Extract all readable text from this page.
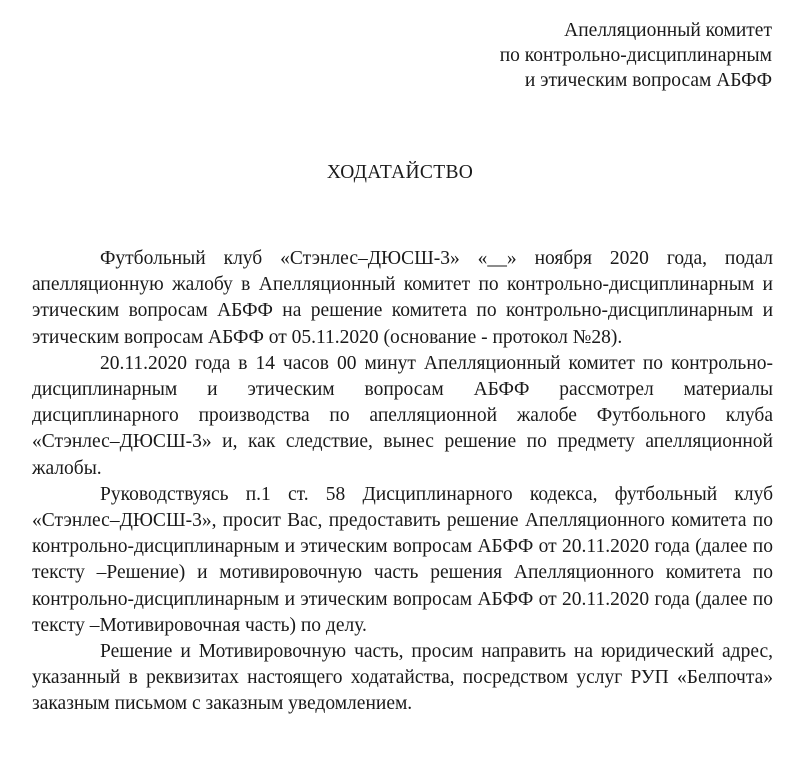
Апелляционный комитет
по контрольно-дисциплинарным
и этическим вопросам АБФФ
ХОДАТАЙСТВО

Футбольный клуб «Стэнлес–ДЮСШ-3» «__» ноября 2020 года, подал апелляционную жалобу в Апелляционный комитет по контрольно-дисциплинарным и этическим вопросам АБФФ на решение комитета по контрольно-дисциплинарным и этическим вопросам АБФФ от 05.11.2020 (основание - протокол №28).

20.11.2020 года в 14 часов 00 минут Апелляционный комитет по контрольно-дисциплинарным и этическим вопросам АБФФ рассмотрел материалы дисциплинарного производства по апелляционной жалобе Футбольного клуба «Стэнлес–ДЮСШ-3» и, как следствие, вынес решение по предмету апелляционной жалобы.

Руководствуясь п.1 ст. 58 Дисциплинарного кодекса, футбольный клуб «Стэнлес–ДЮСШ-3», просит Вас, предоставить решение Апелляционного комитета по контрольно-дисциплинарным и этическим вопросам АБФФ от 20.11.2020 года (далее по тексту –Решение) и мотивировочную часть решения Апелляционного комитета по контрольно-дисциплинарным и этическим вопросам АБФФ от 20.11.2020 года (далее по тексту –Мотивировочная часть) по делу.

Решение и Мотивировочную часть, просим направить на юридический адрес, указанный в реквизитах настоящего ходатайства, посредством услуг РУП «Белпочта» заказным письмом с заказным уведомлением.
